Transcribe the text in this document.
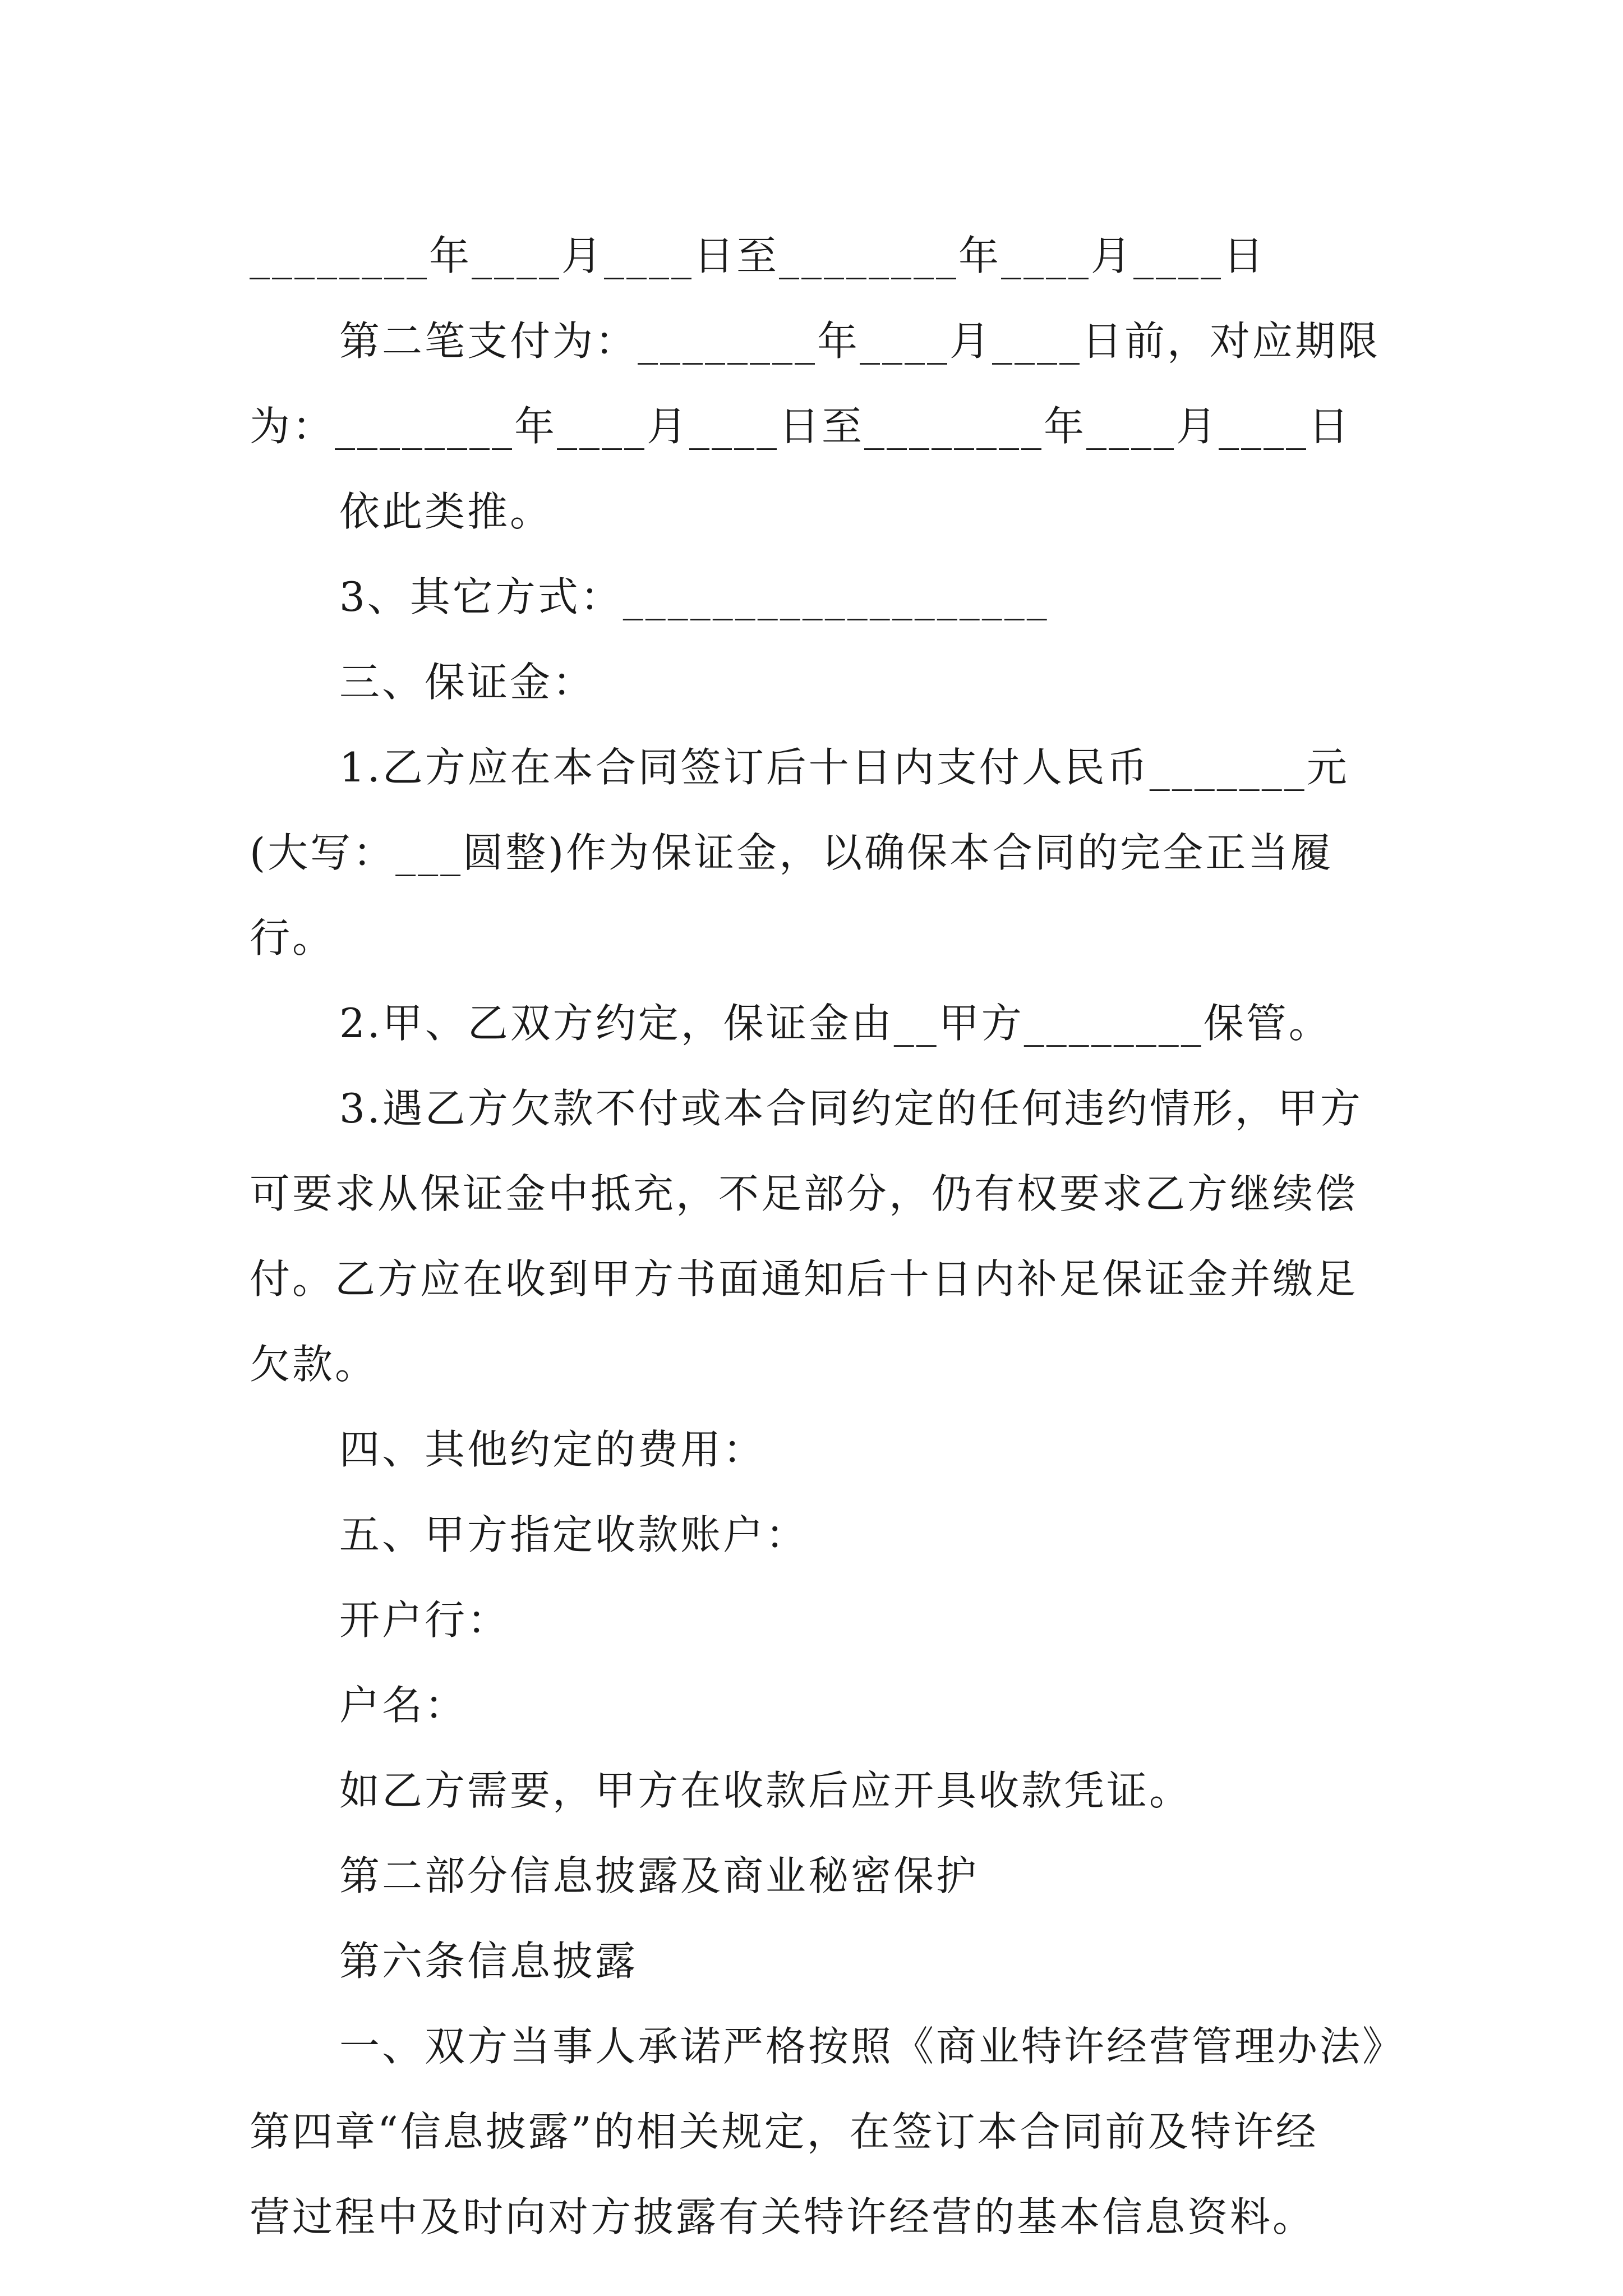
________年____月____日至________年____月____日
第二笔支付为：________年____月____日前，对应期限
为：________年____月____日至________年____月____日
依此类推。
3、其它方式：___________________
三、保证金：
1.乙方应在本合同签订后十日内支付人民币_______元
(大写：___圆整)作为保证金，以确保本合同的完全正当履
行。
2.甲、乙双方约定，保证金由__甲方________保管。
3.遇乙方欠款不付或本合同约定的任何违约情形，甲方
可要求从保证金中抵充，不足部分，仍有权要求乙方继续偿
付。乙方应在收到甲方书面通知后十日内补足保证金并缴足
欠款。
四、其他约定的费用：
五、甲方指定收款账户：
开户行：
户名：
如乙方需要，甲方在收款后应开具收款凭证。
第二部分信息披露及商业秘密保护
第六条信息披露
一、双方当事人承诺严格按照《商业特许经营管理办法》
第四章“信息披露”的相关规定，在签订本合同前及特许经
营过程中及时向对方披露有关特许经营的基本信息资料。
